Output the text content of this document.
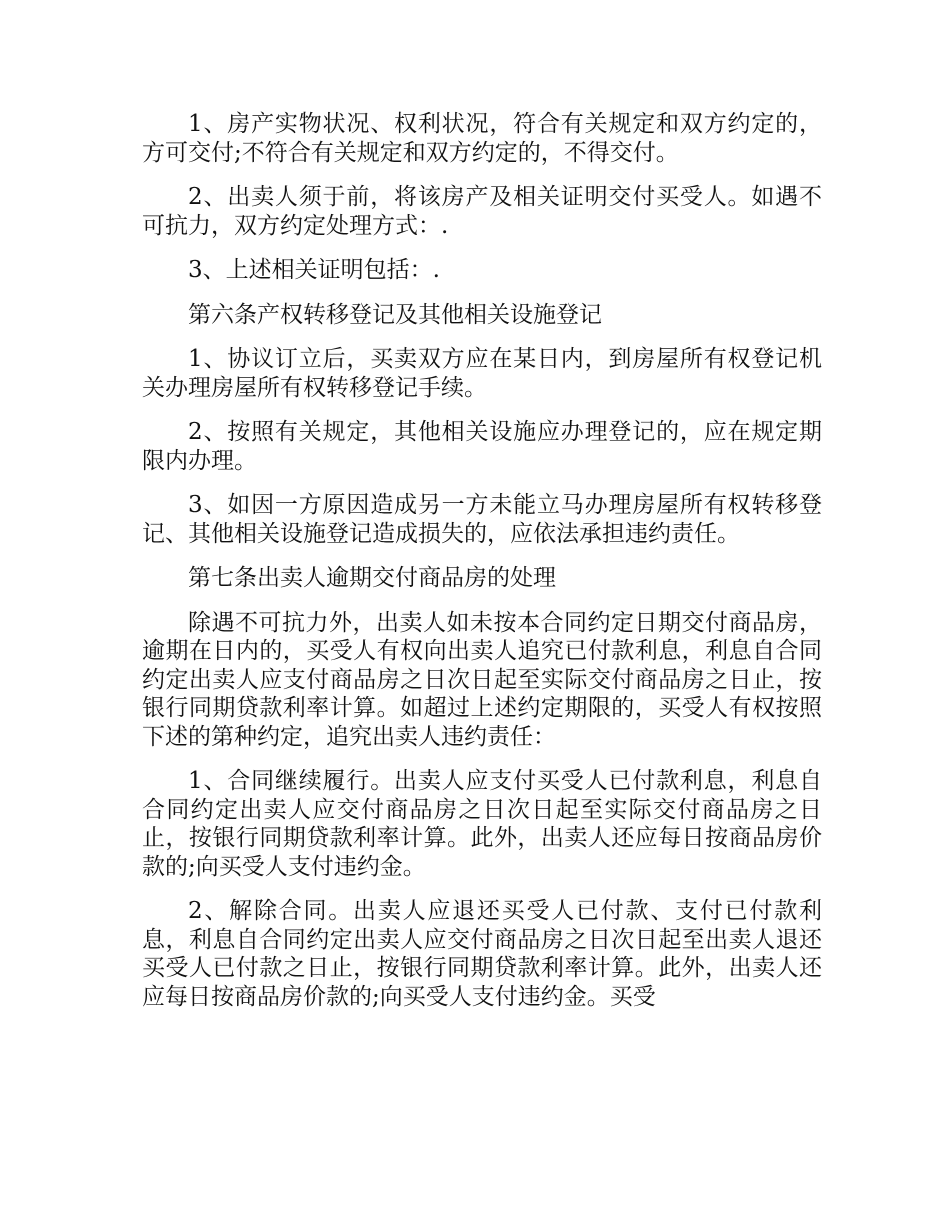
1、房产实物状况、权利状况，符合有关规定和双方约定的，方可交付;不符合有关规定和双方约定的，不得交付。

2、出卖人须于前，将该房产及相关证明交付买受人。如遇不可抗力，双方约定处理方式：.

3、上述相关证明包括：.

第六条产权转移登记及其他相关设施登记

1、协议订立后，买卖双方应在某日内，到房屋所有权登记机关办理房屋所有权转移登记手续。

2、按照有关规定，其他相关设施应办理登记的，应在规定期限内办理。

3、如因一方原因造成另一方未能立马办理房屋所有权转移登记、其他相关设施登记造成损失的，应依法承担违约责任。

第七条出卖人逾期交付商品房的处理

除遇不可抗力外，出卖人如未按本合同约定日期交付商品房，逾期在日内的，买受人有权向出卖人追究已付款利息，利息自合同约定出卖人应支付商品房之日次日起至实际交付商品房之日止，按银行同期贷款利率计算。如超过上述约定期限的，买受人有权按照下述的第种约定，追究出卖人违约责任：

1、合同继续履行。出卖人应支付买受人已付款利息，利息自合同约定出卖人应交付商品房之日次日起至实际交付商品房之日止，按银行同期贷款利率计算。此外，出卖人还应每日按商品房价款的;向买受人支付违约金。

2、解除合同。出卖人应退还买受人已付款、支付已付款利息，利息自合同约定出卖人应交付商品房之日次日起至出卖人退还买受人已付款之日止，按银行同期贷款利率计算。此外，出卖人还应每日按商品房价款的;向买受人支付违约金。买受
